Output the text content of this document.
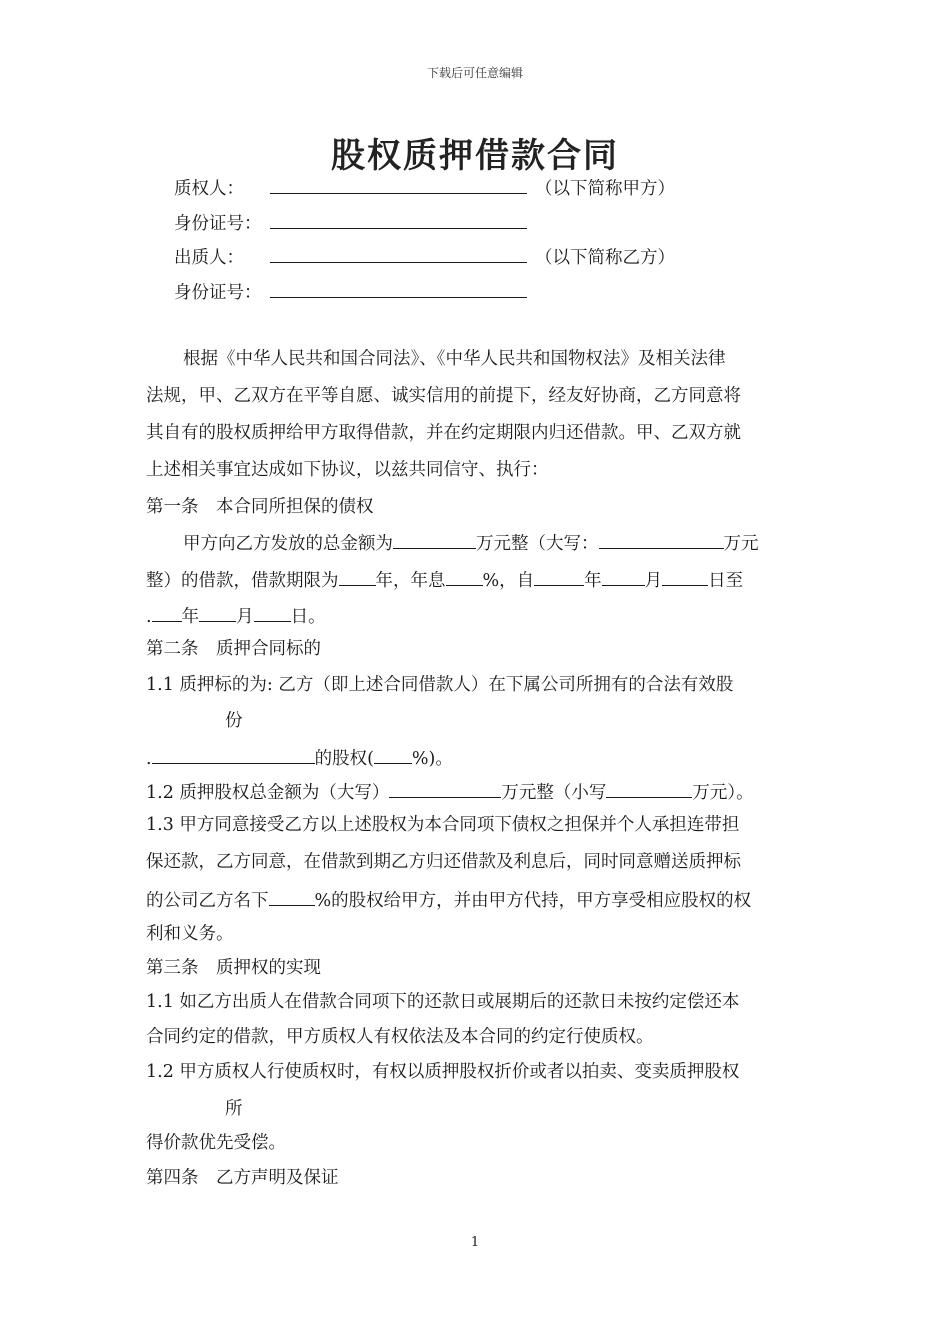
下载后可任意编辑
股权质押借款合同
质权人：	（以下简称甲方）
身份证号：
出质人：	（以下简称乙方）
身份证号：
根据《中华人民共和国合同法》、《中华人民共和国物权法》及相关法律
法规，甲、乙双方在平等自愿、诚实信用的前提下，经友好协商，乙方同意将
其自有的股权质押给甲方取得借款，并在约定期限内归还借款。甲、乙双方就
上述相关事宜达成如下协议，以兹共同信守、执行：
第一条　本合同所担保的债权
甲方向乙方发放的总金额为	万元整（大写：	万元
整）的借款，借款期限为 年，年息 %，自	年 月	日至
. 年 月 日。
第二条　质押合同标的
1.1 质押标的为: 乙方（即上述合同借款人）在下属公司所拥有的合法有效股
份
.	的股权( %)。
1.2 质押股权总金额为（大写）	万元整（小写	万元）。
1.3 甲方同意接受乙方以上述股权为本合同项下债权之担保并个人承担连带担
保还款，乙方同意，在借款到期乙方归还借款及利息后，同时同意赠送质押标
的公司乙方名下	%的股权给甲方，并由甲方代持，甲方享受相应股权的权
利和义务。
第三条　质押权的实现
1.1 如乙方出质人在借款合同项下的还款日或展期后的还款日未按约定偿还本
合同约定的借款，甲方质权人有权依法及本合同的约定行使质权。
1.2 甲方质权人行使质权时，有权以质押股权折价或者以拍卖、变卖质押股权
所
得价款优先受偿。
第四条　乙方声明及保证
1
